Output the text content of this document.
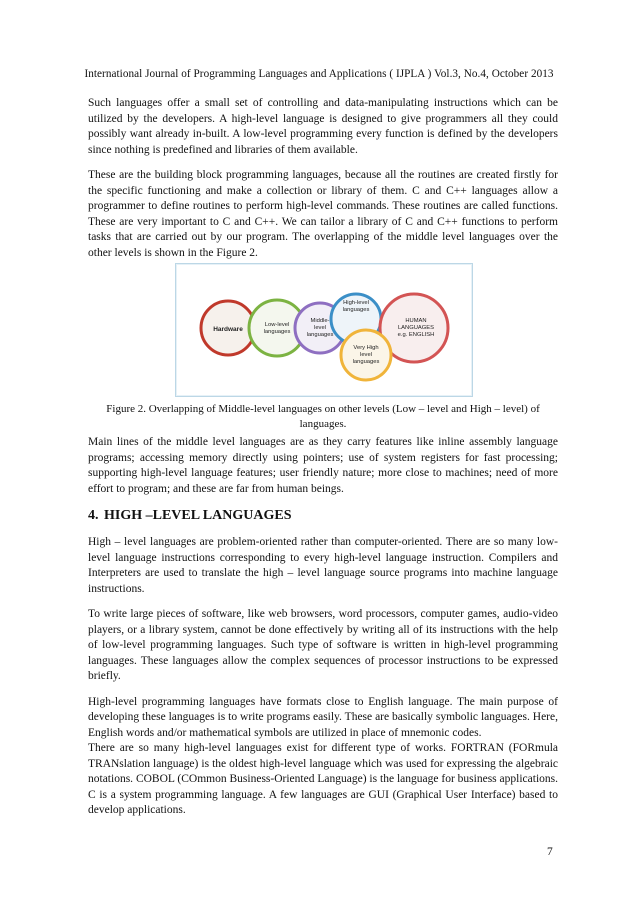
International Journal of Programming Languages and Applications ( IJPLA ) Vol.3, No.4, October 2013

Such languages offer a small set of controlling and data-manipulating instructions which can be utilized by the developers. A high-level language is designed to give programmers all they could possibly want already in-built. A low-level programming every function is defined by the developers since nothing is predefined and libraries of them available.

These are the building block programming languages, because all the routines are created firstly for the specific functioning and make a collection or library of them. C and C++ languages allow a programmer to define routines to perform high-level commands. These routines are called functions. These are very important to C and C++. We can tailor a library of C and C++ functions to perform tasks that are carried out by our program. The overlapping of the middle level languages over the other levels is shown in the Figure 2.

Hardware
Low-level languages
Middle-level languages
High-level languages
HUMAN LANGUAGES e.g. ENGLISH
Very High level languages
Figure 2. Overlapping of Middle-level languages on other levels (Low – level and High – level) of languages.

Main lines of the middle level languages are as they carry features like inline assembly language programs; accessing memory directly using pointers; use of system registers for fast processing; supporting high-level language features; user friendly nature; more close to machines; need of more effort to program; and these are far from human beings.

4. HIGH –LEVEL LANGUAGES

High – level languages are problem-oriented rather than computer-oriented. There are so many low-level language instructions corresponding to every high-level language instruction. Compilers and Interpreters are used to translate the high – level language source programs into machine language instructions.

To write large pieces of software, like web browsers, word processors, computer games, audio-video players, or a library system, cannot be done effectively by writing all of its instructions with the help of low-level programming languages. Such type of software is written in high-level programming languages. These languages allow the complex sequences of processor instructions to be expressed briefly.

High-level programming languages have formats close to English language. The main purpose of developing these languages is to write programs easily. These are basically symbolic languages. Here, English words and/or mathematical symbols are utilized in place of mnemonic codes.

There are so many high-level languages exist for different type of works. FORTRAN (FORmula TRANslation language) is the oldest high-level language which was used for expressing the algebraic notations. COBOL (COmmon Business-Oriented Language) is the language for business applications. C is a system programming language. A few languages are GUI (Graphical User Interface) based to develop applications.

7
